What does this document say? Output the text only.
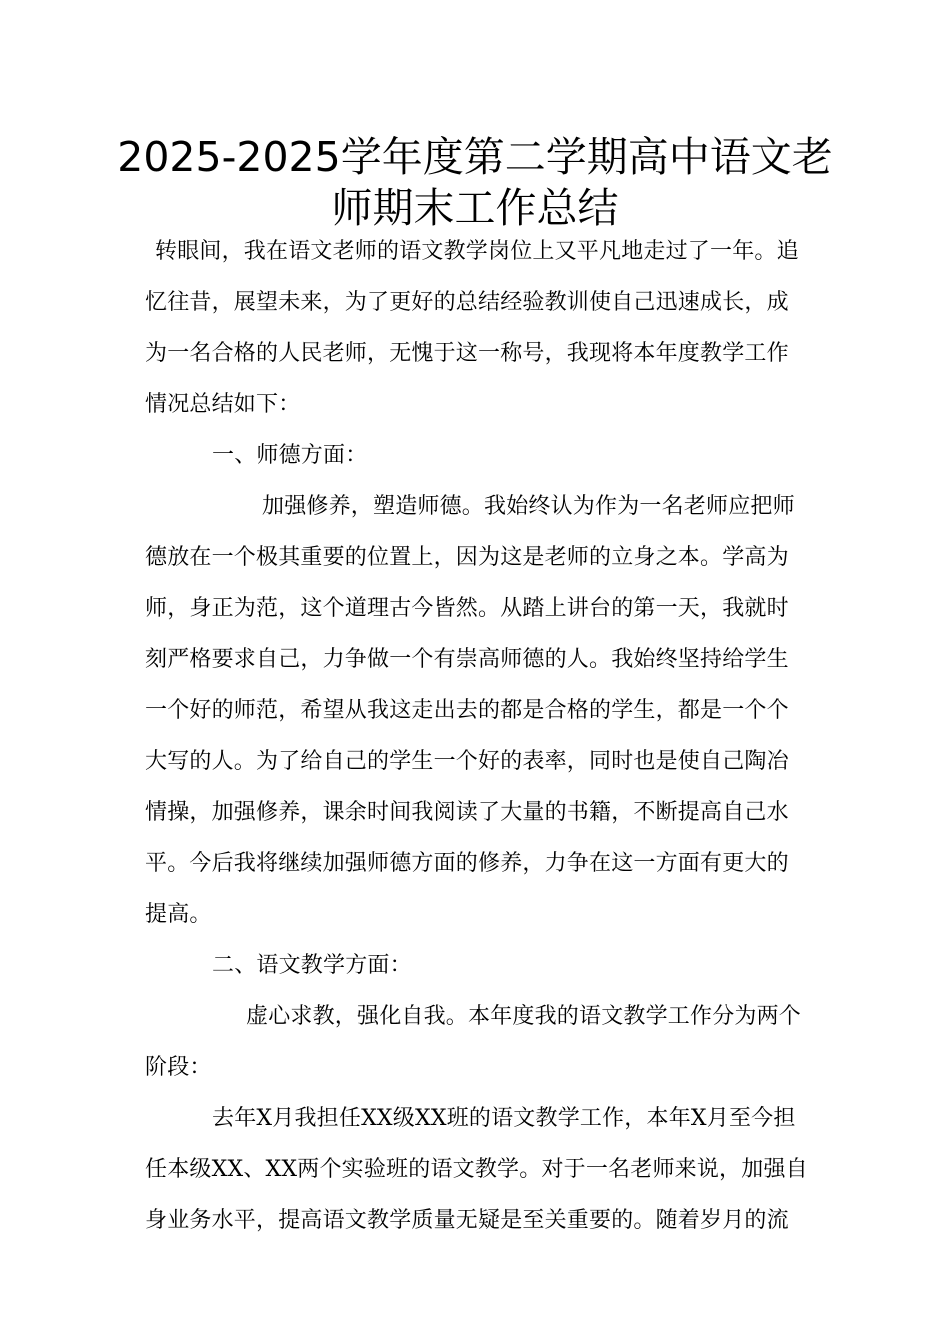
2025-2025学年度第二学期高中语文老
师期末工作总结
转眼间，我在语文老师的语文教学岗位上又平凡地走过了一年。追
忆往昔，展望未来，为了更好的总结经验教训使自己迅速成长，成
为一名合格的人民老师，无愧于这一称号，我现将本年度教学工作
情况总结如下：
一、师德方面：
加强修养，塑造师德。我始终认为作为一名老师应把师
德放在一个极其重要的位置上，因为这是老师的立身之本。学高为
师，身正为范，这个道理古今皆然。从踏上讲台的第一天，我就时
刻严格要求自己，力争做一个有崇高师德的人。我始终坚持给学生
一个好的师范，希望从我这走出去的都是合格的学生，都是一个个
大写的人。为了给自己的学生一个好的表率，同时也是使自己陶冶
情操，加强修养，课余时间我阅读了大量的书籍，不断提高自己水
平。今后我将继续加强师德方面的修养，力争在这一方面有更大的
提高。
二、语文教学方面：
虚心求教，强化自我。本年度我的语文教学工作分为两个
阶段：
去年X月我担任XX级XX班的语文教学工作，本年X月至今担
任本级XX、XX两个实验班的语文教学。对于一名老师来说，加强自
身业务水平，提高语文教学质量无疑是至关重要的。随着岁月的流
